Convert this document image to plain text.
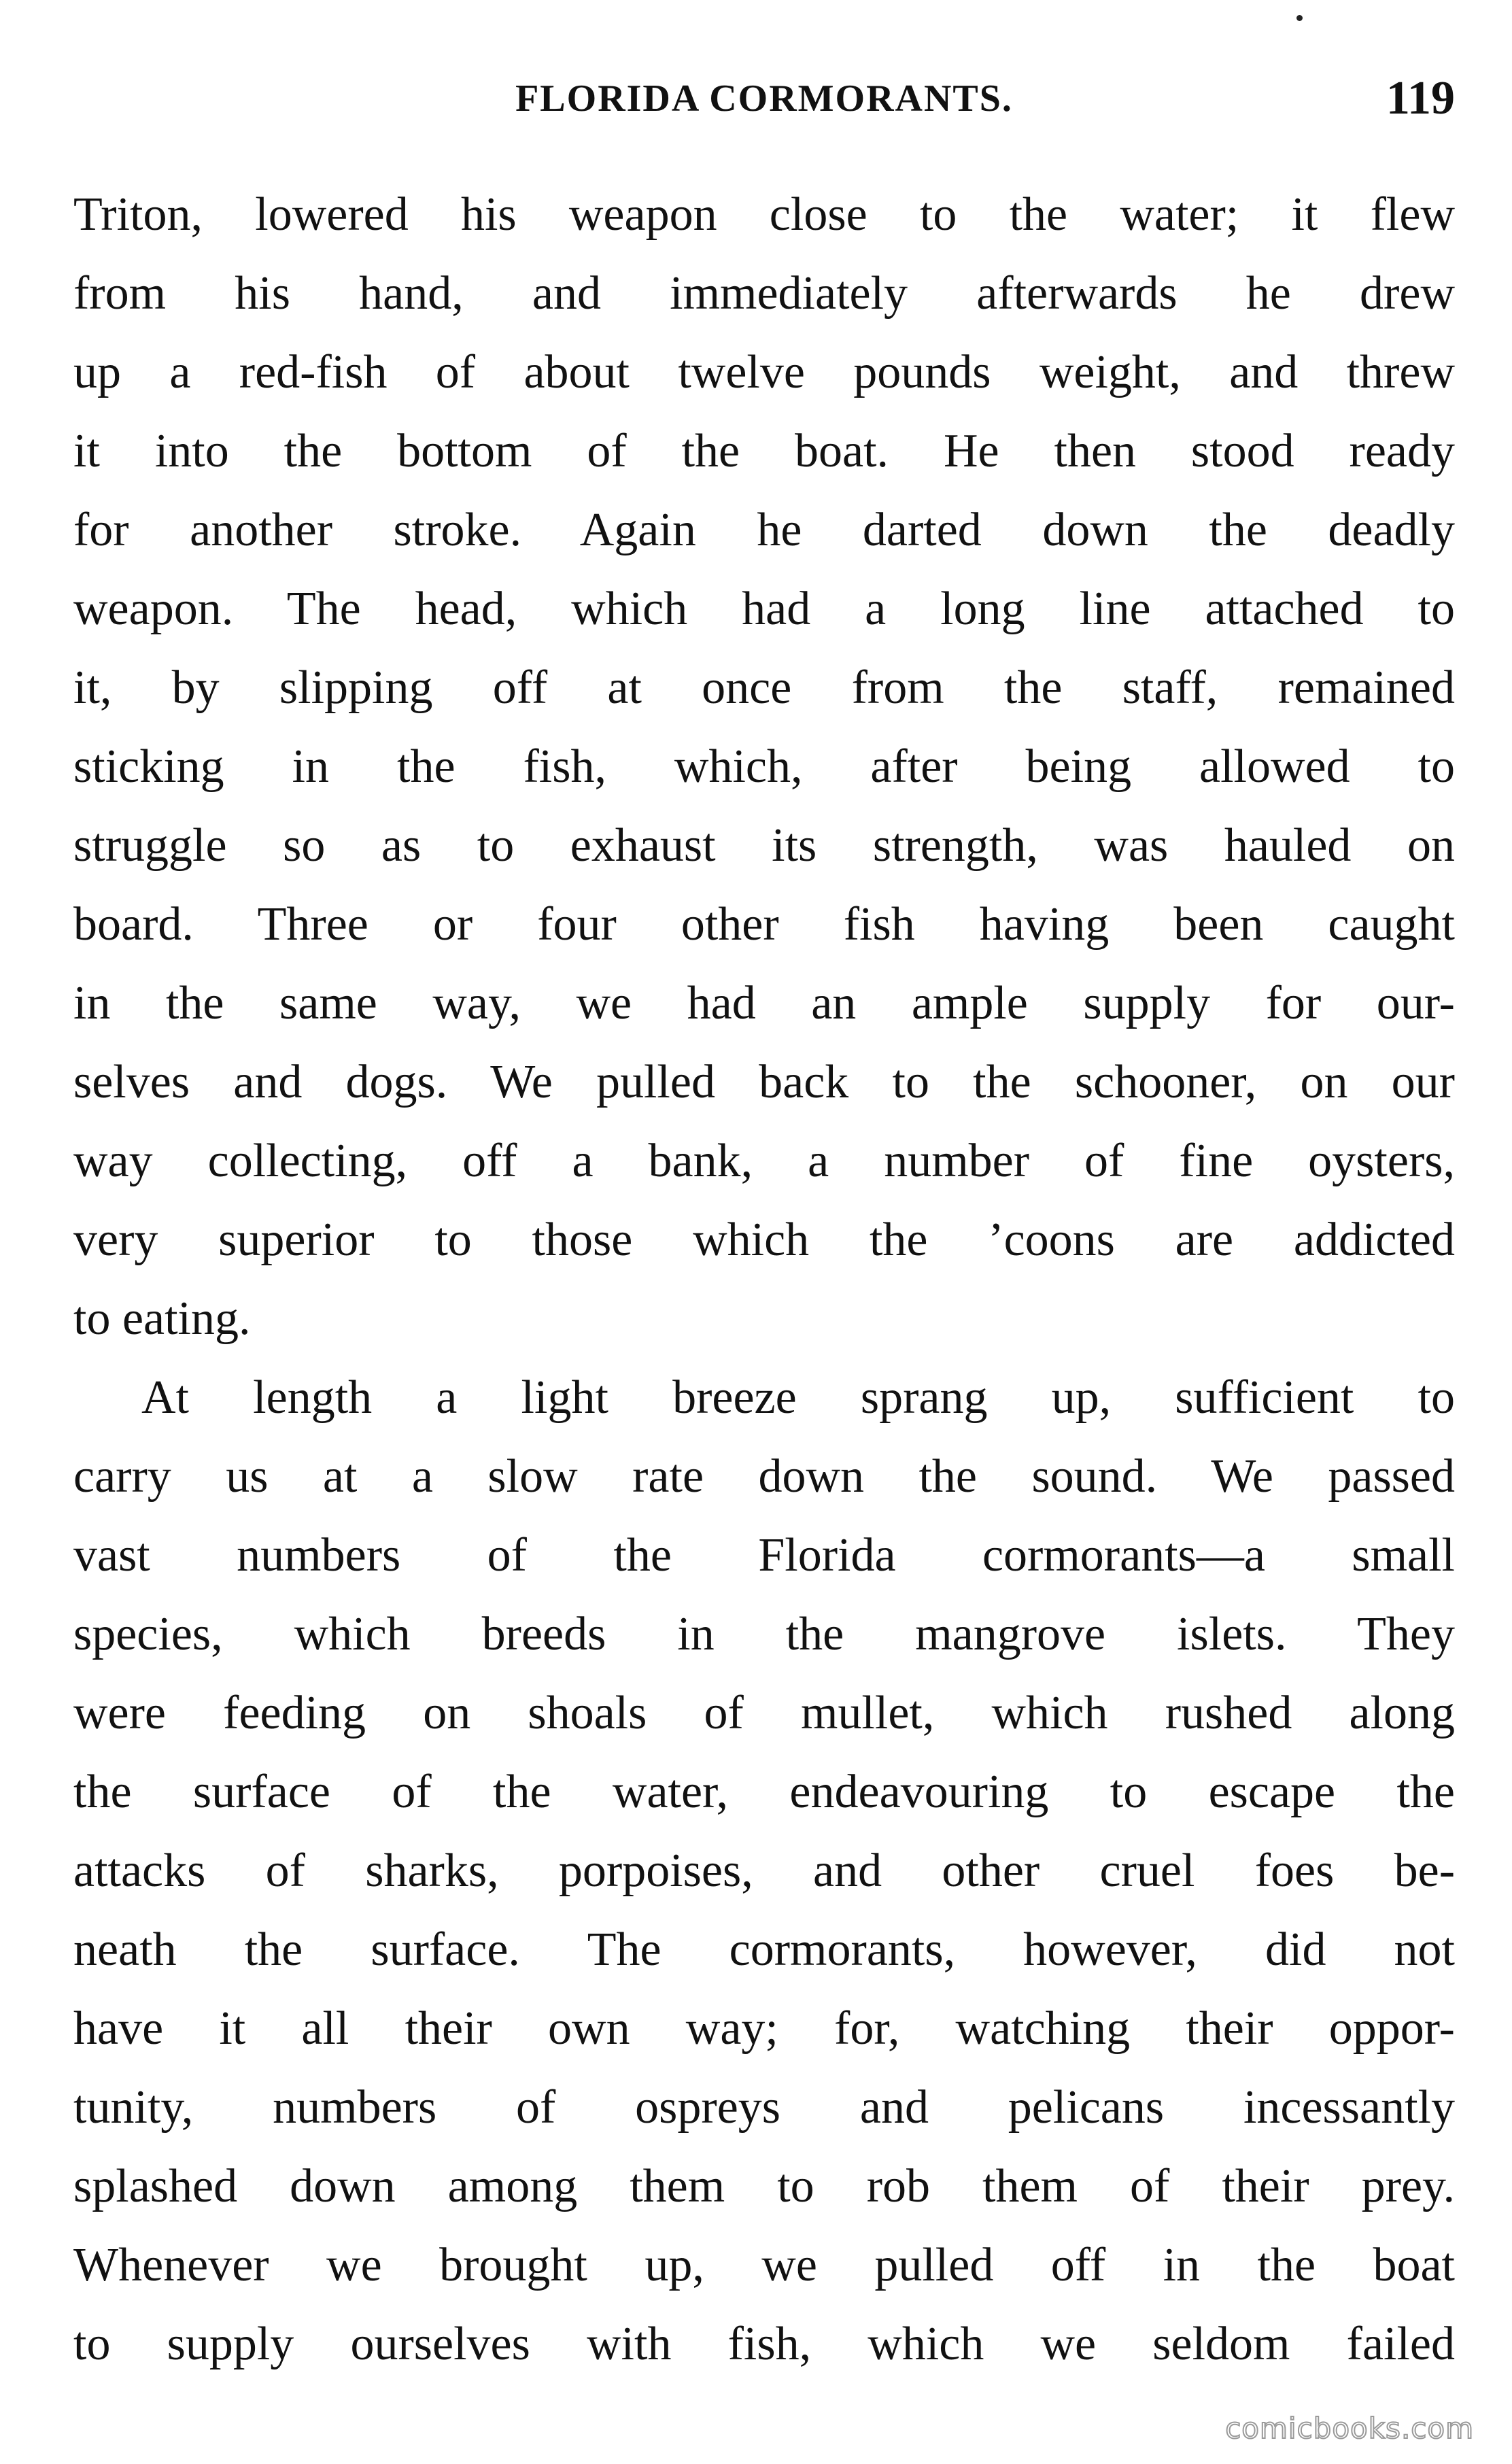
FLORIDA CORMORANTS.	119
Triton, lowered his weapon close to the water; it flew
from his hand, and immediately afterwards he drew
up a red-fish of about twelve pounds weight, and threw
it into the bottom of the boat. He then stood ready
for another stroke. Again he darted down the deadly
weapon. The head, which had a long line attached to
it, by slipping off at once from the staff, remained
sticking in the fish, which, after being allowed to
struggle so as to exhaust its strength, was hauled on
board. Three or four other fish having been caught
in the same way, we had an ample supply for our-
selves and dogs. We pulled back to the schooner, on our
way collecting, off a bank, a number of fine oysters,
very superior to those which the ’coons are addicted
to eating.
At length a light breeze sprang up, sufficient to
carry us at a slow rate down the sound. We passed
vast numbers of the Florida cormorants—a small
species, which breeds in the mangrove islets. They
were feeding on shoals of mullet, which rushed along
the surface of the water, endeavouring to escape the
attacks of sharks, porpoises, and other cruel foes be-
neath the surface. The cormorants, however, did not
have it all their own way; for, watching their oppor-
tunity, numbers of ospreys and pelicans incessantly
splashed down among them to rob them of their prey.
Whenever we brought up, we pulled off in the boat
to supply ourselves with fish, which we seldom failed
comicbooks.com
